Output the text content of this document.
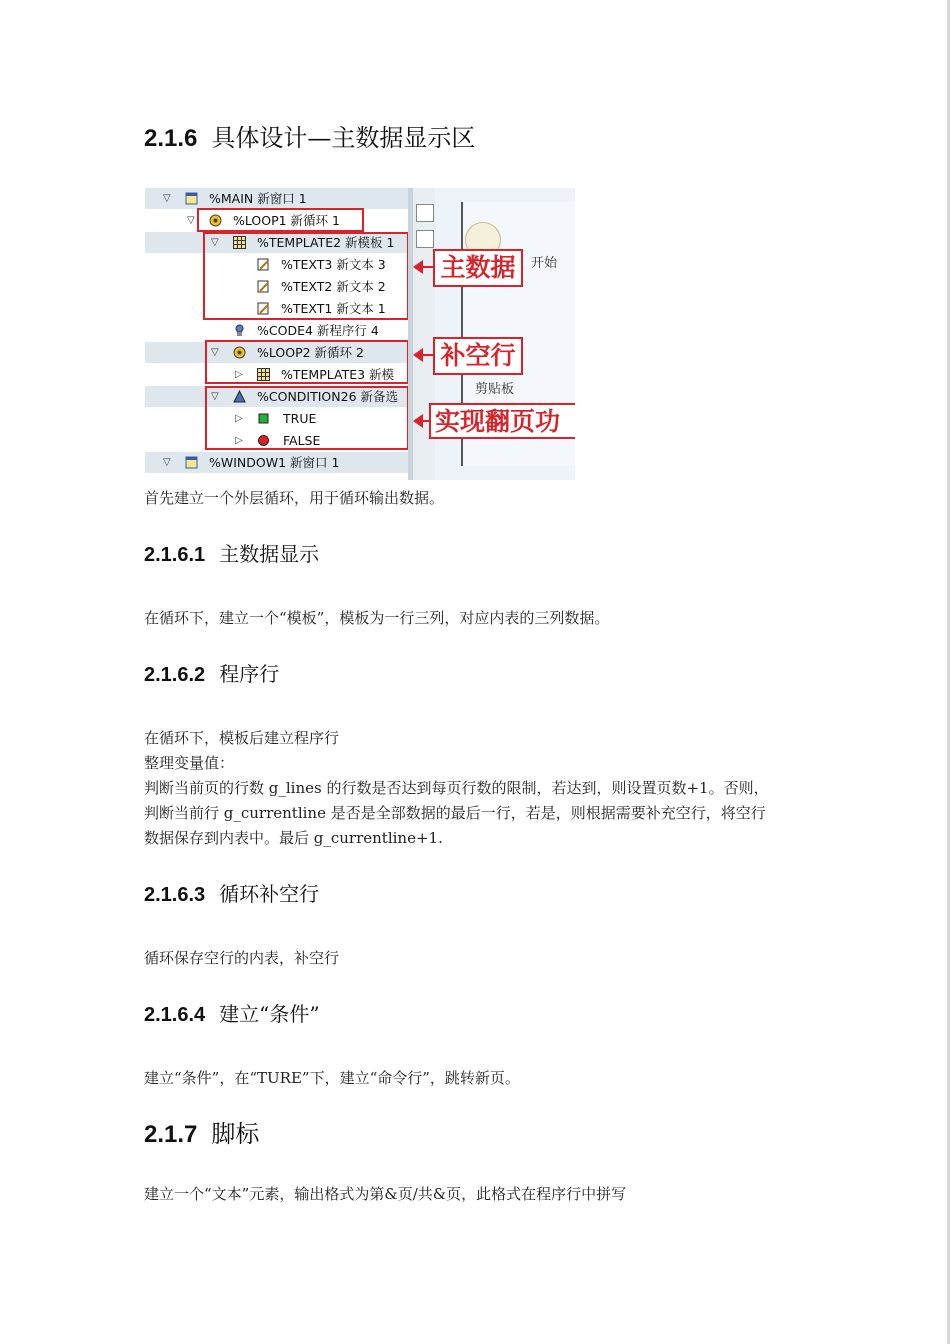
2.1.6 具体设计—主数据显示区
▽	%MAIN 新窗口 1
▽	%LOOP1 新循环 1
▽	%TEMPLATE2 新模板 1
%TEXT3 新文本 3
%TEXT2 新文本 2
%TEXT1 新文本 1
%CODE4 新程序行 4
▽	%LOOP2 新循环 2
▷	%TEMPLATE3 新模
▽	%CONDITION26 新备选
▷	TRUE
▷	FALSE
▽	%WINDOW1 新窗口 1
开始
剪贴板
主数据
补空行
实现翻页功
首先建立一个外层循环，用于循环输出数据。
2.1.6.1 主数据显示
在循环下，建立一个“模板”，模板为一行三列，对应内表的三列数据。
2.1.6.2 程序行
在循环下，模板后建立程序行
整理变量值：
判断当前页的行数 g_lines 的行数是否达到每页行数的限制，若达到，则设置页数+1。否则，
判断当前行 g_currentline 是否是全部数据的最后一行，若是，则根据需要补充空行，将空行
数据保存到内表中。最后 g_currentline+1.
2.1.6.3 循环补空行
循环保存空行的内表，补空行
2.1.6.4 建立“条件”
建立“条件”，在“TURE”下，建立“命令行”，跳转新页。
2.1.7 脚标
建立一个“文本”元素，输出格式为第&页/共&页，此格式在程序行中拼写
